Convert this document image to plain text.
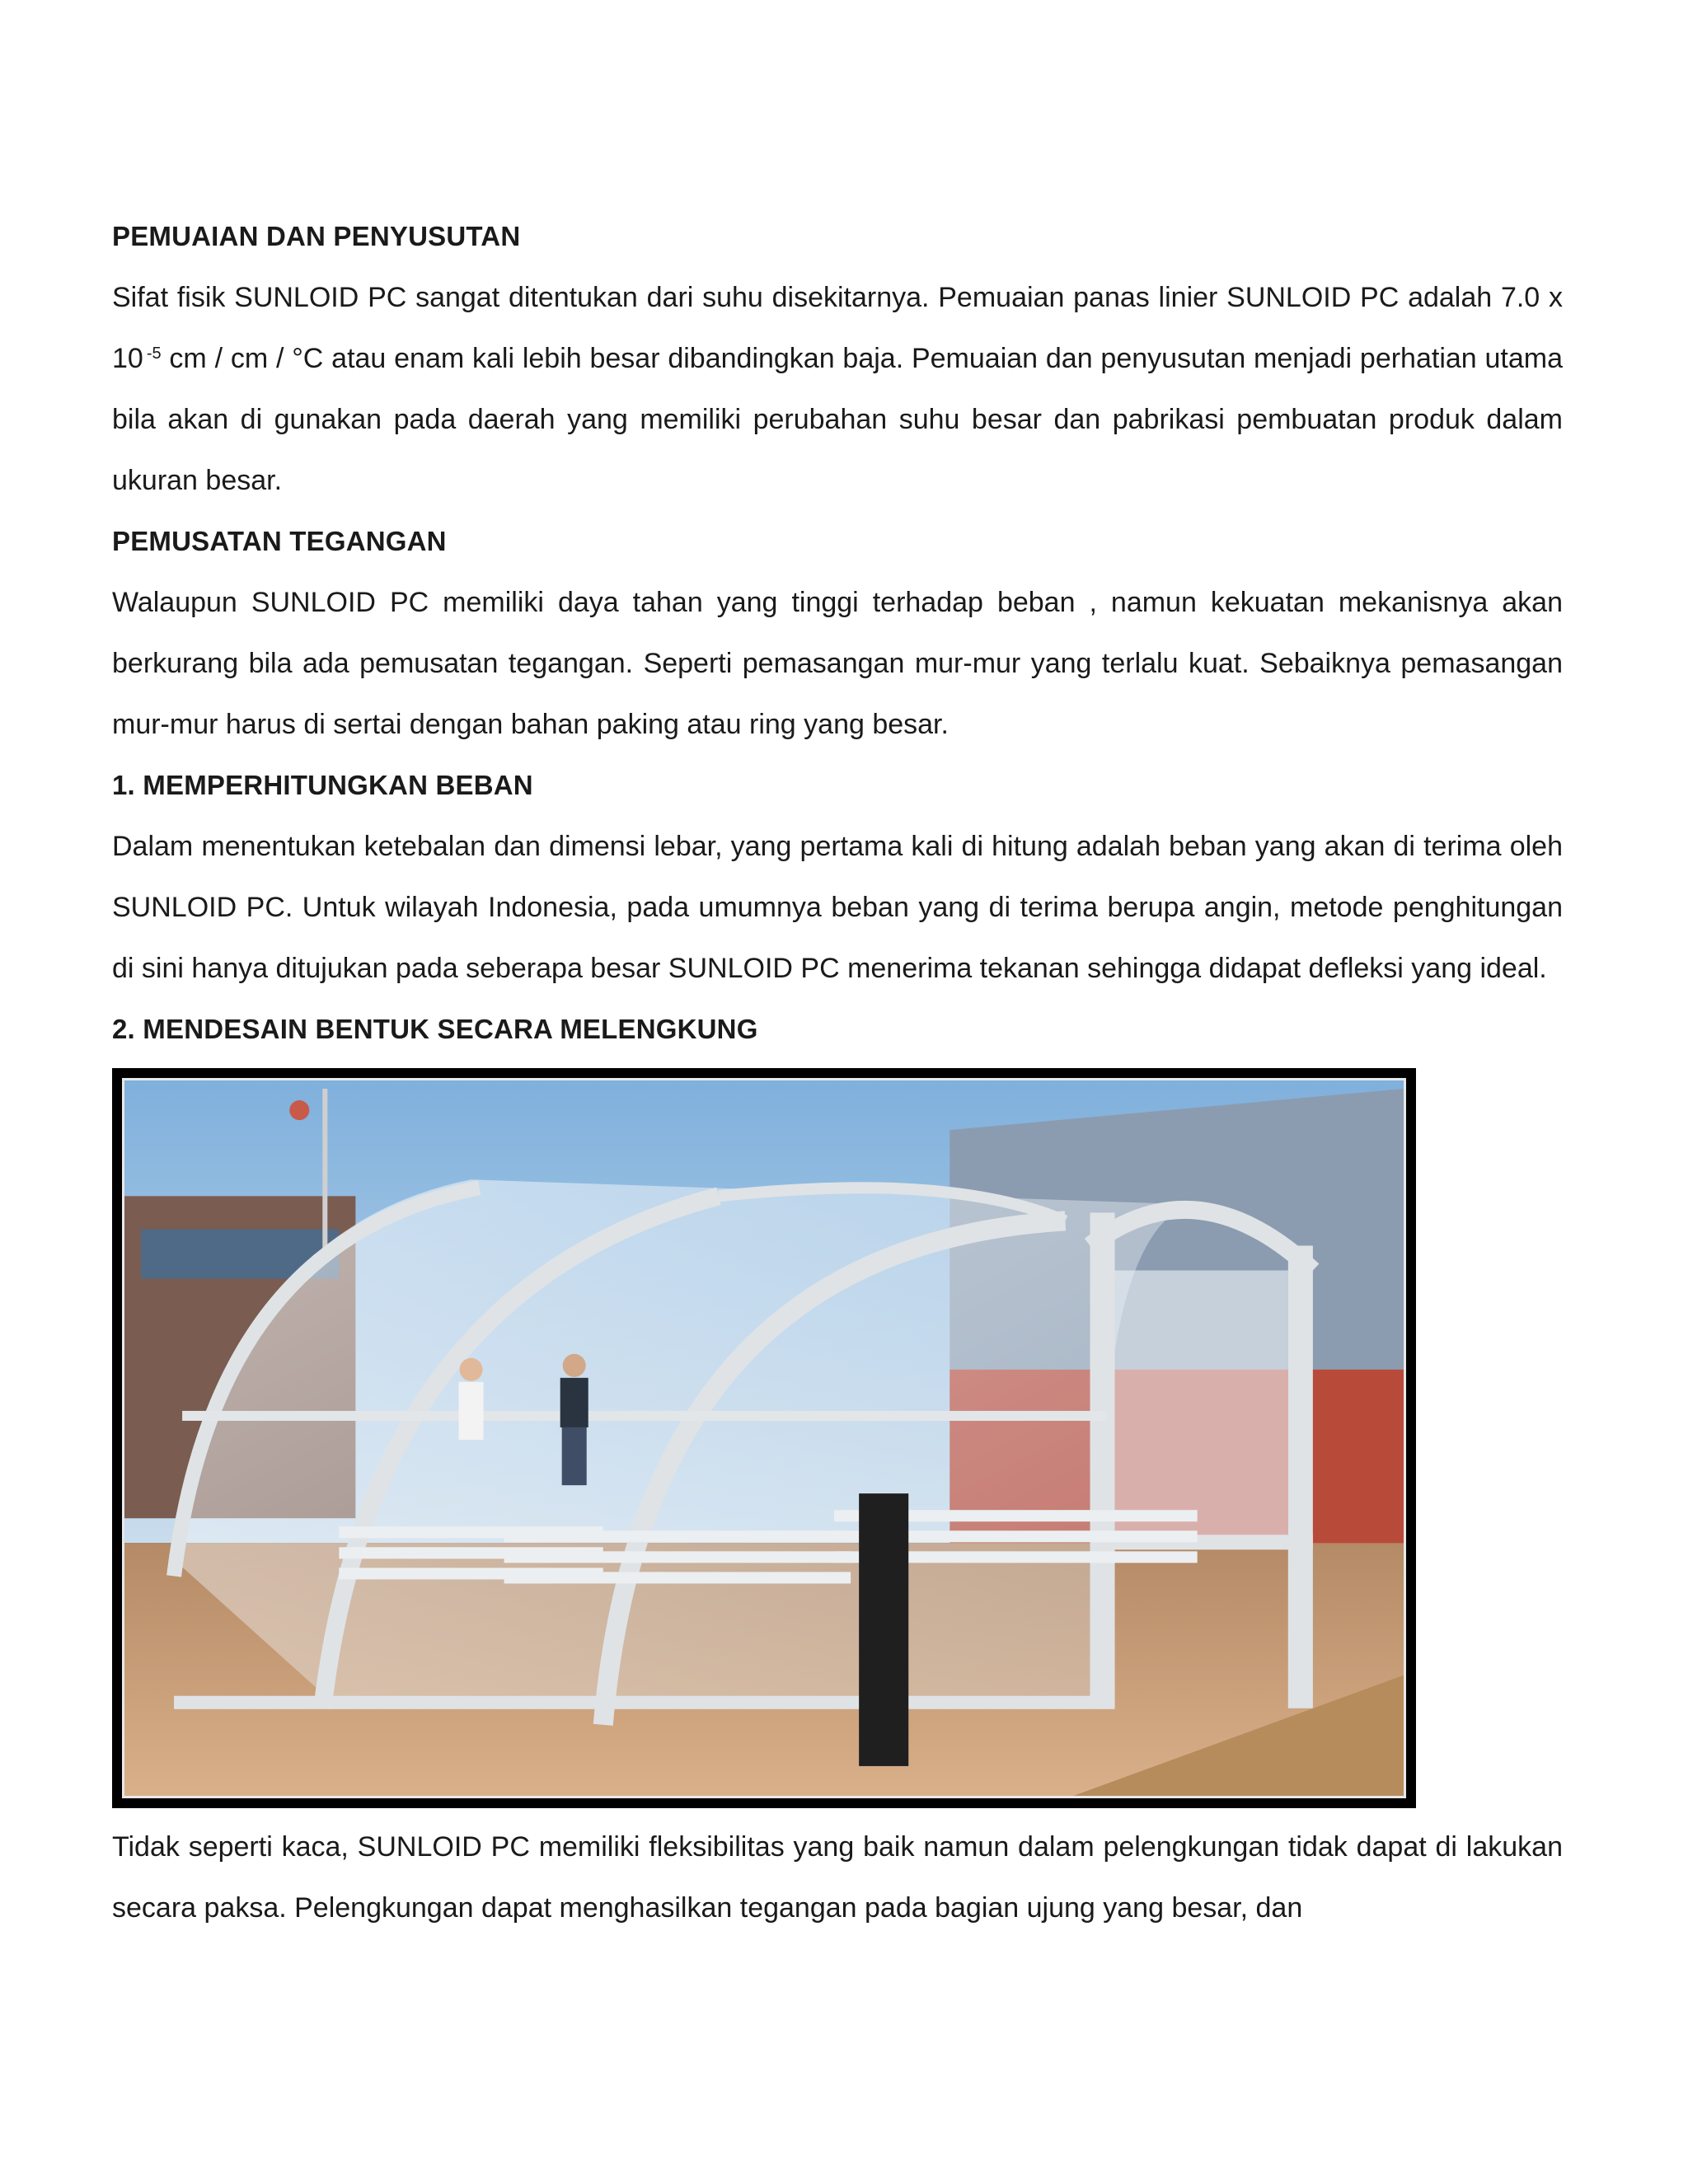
PEMUAIAN DAN PENYUSUTAN

Sifat fisik SUNLOID PC sangat ditentukan dari suhu disekitarnya. Pemuaian panas linier SUNLOID PC adalah 7.0 x 10 $^{-5}$ cm / cm / °C atau enam kali lebih besar dibandingkan baja. Pemuaian dan penyusutan menjadi perhatian utama bila akan di gunakan pada daerah yang memiliki perubahan suhu besar dan pabrikasi pembuatan produk dalam ukuran besar.

PEMUSATAN TEGANGAN

Walaupun SUNLOID PC memiliki daya tahan yang tinggi terhadap beban , namun kekuatan mekanisnya akan berkurang bila ada pemusatan tegangan. Seperti pemasangan mur-mur yang terlalu kuat. Sebaiknya pemasangan mur-mur harus di sertai dengan bahan paking atau ring yang besar.

1. MEMPERHITUNGKAN BEBAN

Dalam menentukan ketebalan dan dimensi lebar, yang pertama kali di hitung adalah beban yang akan di terima oleh SUNLOID PC. Untuk wilayah Indonesia, pada umumnya beban yang di terima berupa angin, metode penghitungan di sini hanya ditujukan pada seberapa besar SUNLOID PC menerima tekanan sehingga didapat defleksi yang ideal.

2. MENDESAIN BENTUK SECARA MELENGKUNG

Tidak seperti kaca, SUNLOID PC memiliki fleksibilitas yang baik namun dalam pelengkungan tidak dapat di lakukan secara paksa. Pelengkungan dapat menghasilkan tegangan pada bagian ujung yang besar, dan
